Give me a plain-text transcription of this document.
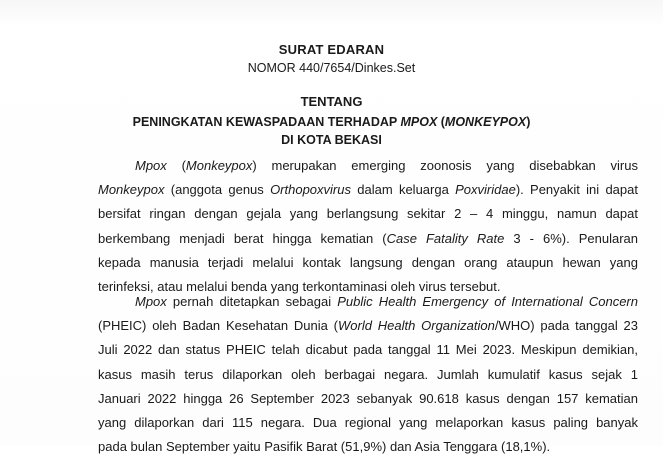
SURAT EDARAN
NOMOR 440/7654/Dinkes.Set
TENTANG
PENINGKATAN KEWASPADAAN TERHADAP MPOX (MONKEYPOX)
DI KOTA BEKASI

Mpox (Monkeypox) merupakan emerging zoonosis yang disebabkan virus
Monkeypox (anggota genus Orthopoxvirus dalam keluarga Poxviridae). Penyakit ini dapat
bersifat ringan dengan gejala yang berlangsung sekitar 2 – 4 minggu, namun dapat
berkembang menjadi berat hingga kematian (Case Fatality Rate 3 - 6%). Penularan
kepada manusia terjadi melalui kontak langsung dengan orang ataupun hewan yang
terinfeksi, atau melalui benda yang terkontaminasi oleh virus tersebut.

Mpox pernah ditetapkan sebagai Public Health Emergency of International Concern
(PHEIC) oleh Badan Kesehatan Dunia (World Health Organization/WHO) pada tanggal 23
Juli 2022 dan status PHEIC telah dicabut pada tanggal 11 Mei 2023. Meskipun demikian,
kasus masih terus dilaporkan oleh berbagai negara. Jumlah kumulatif kasus sejak 1
Januari 2022 hingga 26 September 2023 sebanyak 90.618 kasus dengan 157 kematian
yang dilaporkan dari 115 negara. Dua regional yang melaporkan kasus paling banyak
pada bulan September yaitu Pasifik Barat (51,9%) dan Asia Tenggara (18,1%).
